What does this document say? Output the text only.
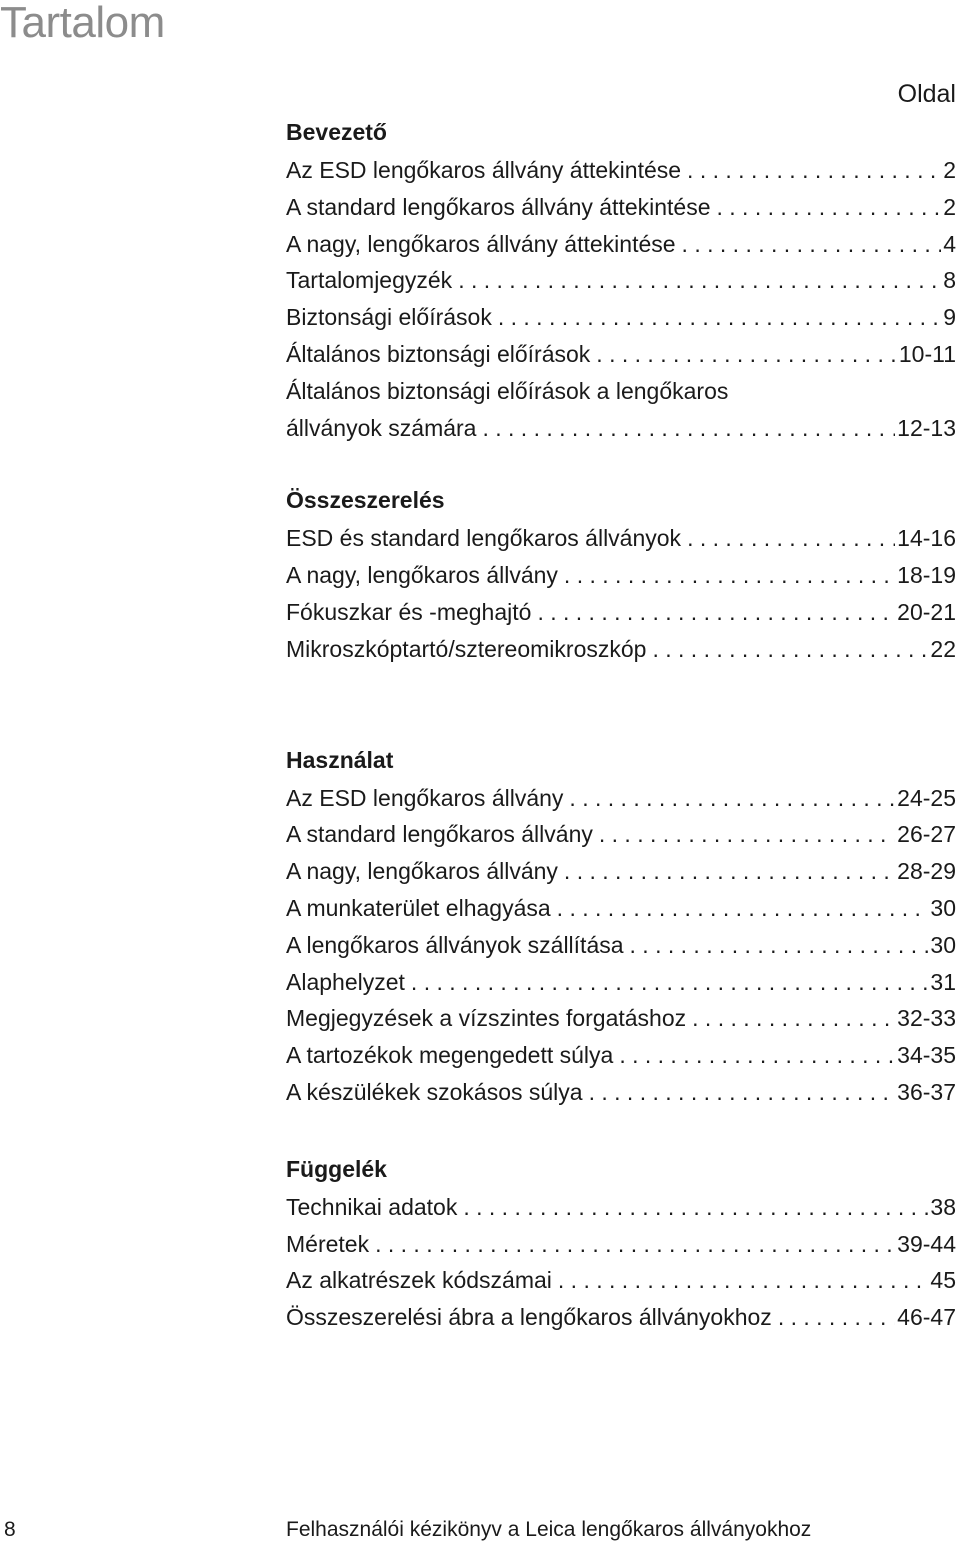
Tartalom
Oldal
Bevezető
Az ESD lengőkaros állvány áttekintése . . .	2
A standard lengőkaros állvány áttekintése . . .	2
A nagy, lengőkaros állvány áttekintése . . .	4
Tartalomjegyzék . . .	8
Biztonsági előírások . . .	9
Általános biztonsági előírások . . .	10-11
Általános biztonsági előírások a lengőkaros
állványok számára . . .	12-13
Összeszerelés
ESD és standard lengőkaros állványok . . .	14-16
A nagy, lengőkaros állvány . . .	18-19
Fókuszkar és -meghajtó . . .	20-21
Mikroszkóptartó/sztereomikroszkóp . . .	22
Használat
Az ESD lengőkaros állvány . . .	24-25
A standard lengőkaros állvány . . .	26-27
A nagy, lengőkaros állvány . . .	28-29
A munkaterület elhagyása . . .	30
A lengőkaros állványok szállítása . . .	30
Alaphelyzet . . .	31
Megjegyzések a vízszintes forgatáshoz . . .	32-33
A tartozékok megengedett súlya . . .	34-35
A készülékek szokásos súlya . . .	36-37
Függelék
Technikai adatok . . .	38
Méretek . . .	39-44
Az alkatrészek kódszámai . . .	45
Összeszerelési ábra a lengőkaros állványokhoz . . .	46-47
8	Felhasználói kézikönyv a Leica lengőkaros állványokhoz
